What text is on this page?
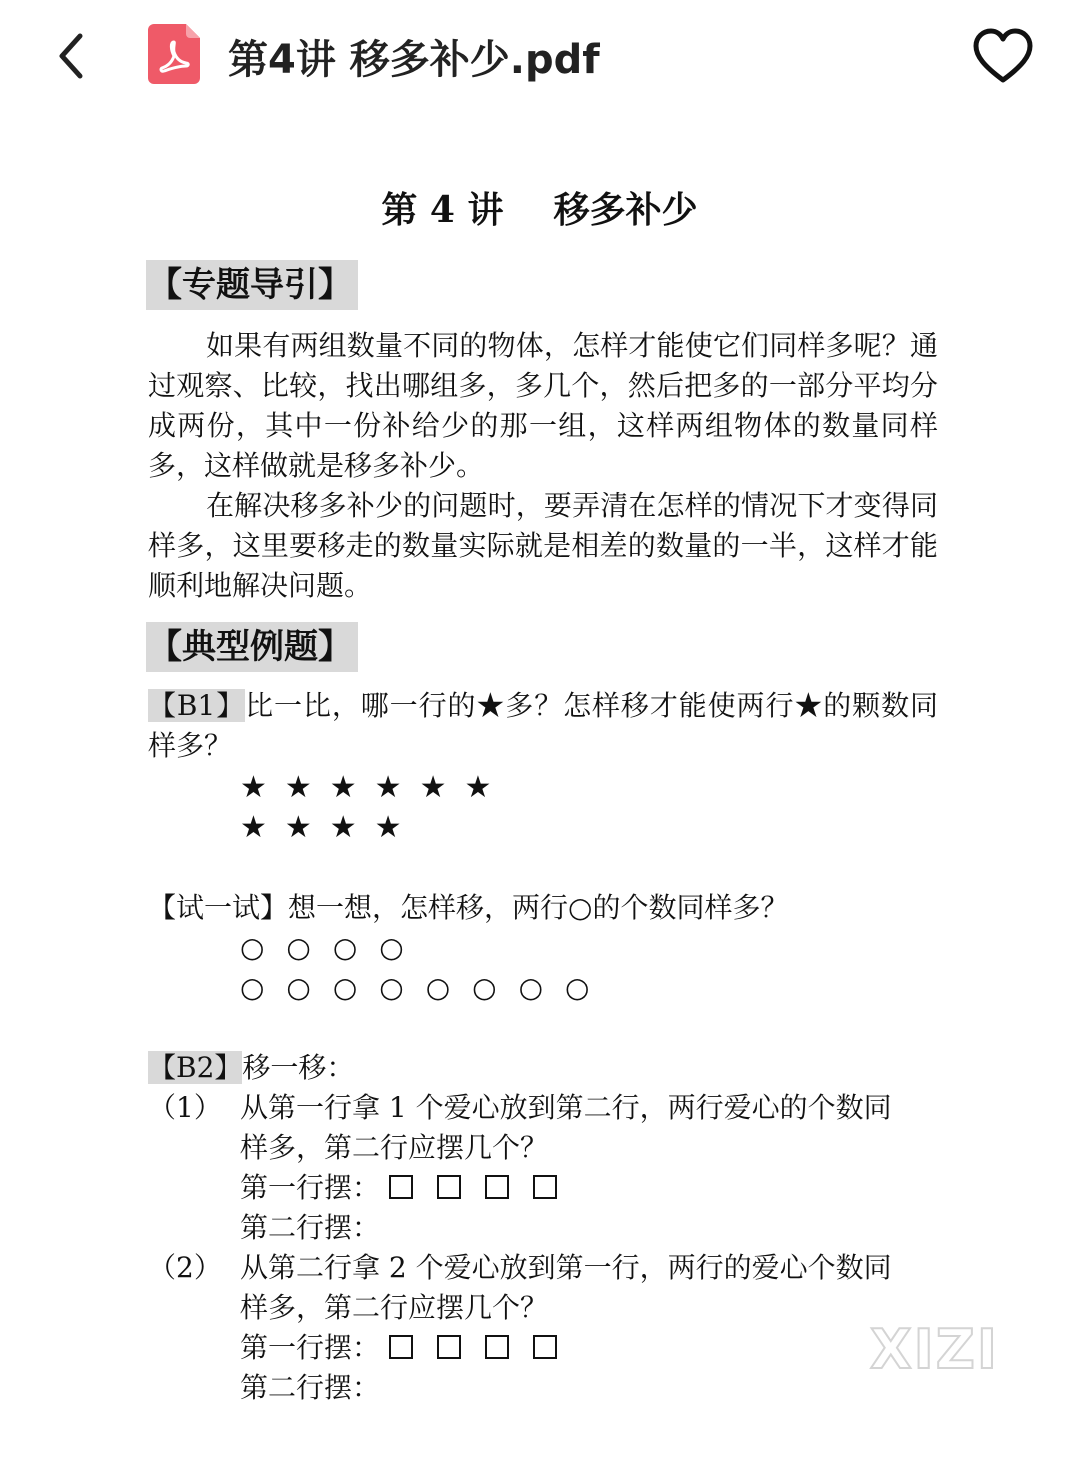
第4讲 移多补少.pdf
第 4 讲    移多补少
【专题导引】
如果有两组数量不同的物体，怎样才能使它们同样多呢？通过观察、比较，找出哪组多，多几个，然后把多的一部分平均分成两份，其中一份补给少的那一组，这样两组物体的数量同样多，这样做就是移多补少。
在解决移多补少的问题时，要弄清在怎样的情况下才变得同样多，这里要移走的数量实际就是相差的数量的一半，这样才能顺利地解决问题。
【典型例题】
【B1】比一比，哪一行的★多？怎样移才能使两行★的颗数同样多？
★★★★★★
★★★★
【试一试】想一想，怎样移，两行○的个数同样多？
○○○○
○○○○○○○○
【B2】移一移：
（1） 从第一行拿 1 个爱心放到第二行，两行爱心的个数同
样多，第二行应摆几个？
第一行摆：
第二行摆：
（2） 从第二行拿 2 个爱心放到第一行，两行的爱心个数同
样多，第二行应摆几个？
第一行摆：
第二行摆：
XIZI
